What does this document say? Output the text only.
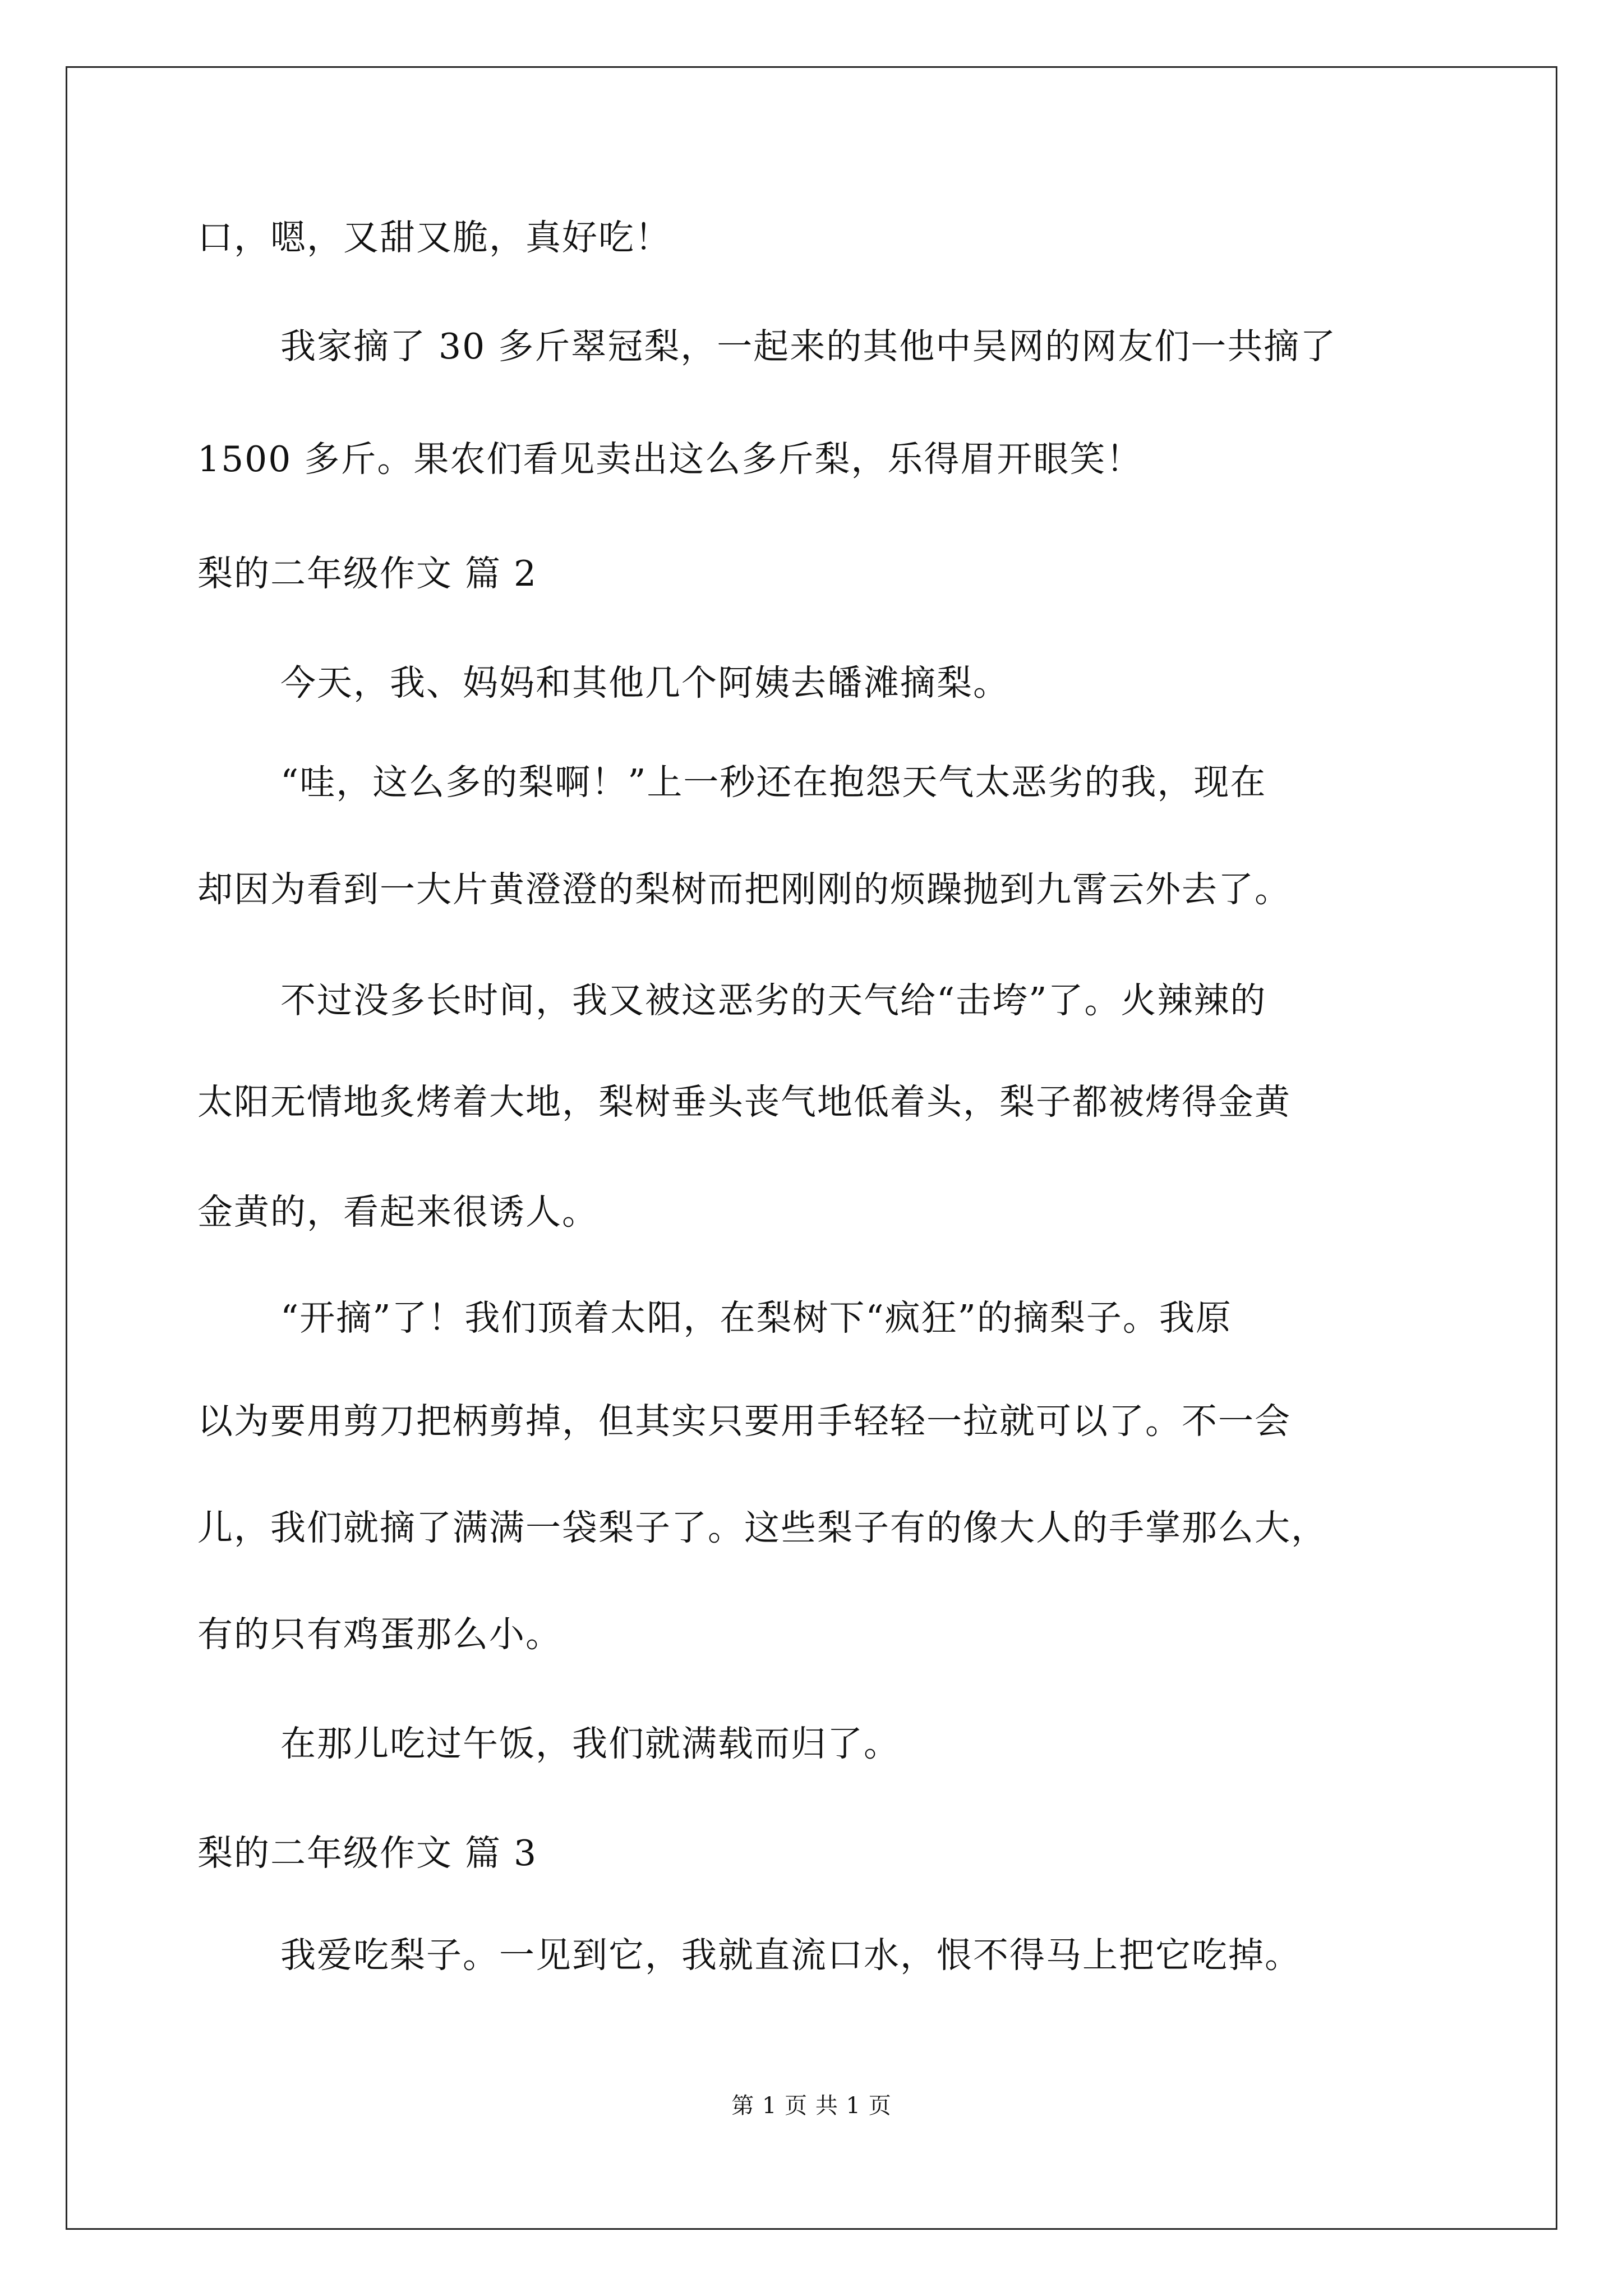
口，嗯，又甜又脆，真好吃！
我家摘了 30 多斤翠冠梨，一起来的其他中吴网的网友们一共摘了
1500 多斤。果农们看见卖出这么多斤梨，乐得眉开眼笑！
梨的二年级作文 篇 2
今天，我、妈妈和其他几个阿姨去皤滩摘梨。
“哇，这么多的梨啊！”上一秒还在抱怨天气太恶劣的我，现在
却因为看到一大片黄澄澄的梨树而把刚刚的烦躁抛到九霄云外去了。
不过没多长时间，我又被这恶劣的天气给“击垮”了。火辣辣的
太阳无情地炙烤着大地，梨树垂头丧气地低着头，梨子都被烤得金黄
金黄的，看起来很诱人。
“开摘”了！我们顶着太阳，在梨树下“疯狂”的摘梨子。我原
以为要用剪刀把柄剪掉，但其实只要用手轻轻一拉就可以了。不一会
儿，我们就摘了满满一袋梨子了。这些梨子有的像大人的手掌那么大，
有的只有鸡蛋那么小。
在那儿吃过午饭，我们就满载而归了。
梨的二年级作文 篇 3
我爱吃梨子。一见到它，我就直流口水，恨不得马上把它吃掉。
第 1 页 共 1 页
